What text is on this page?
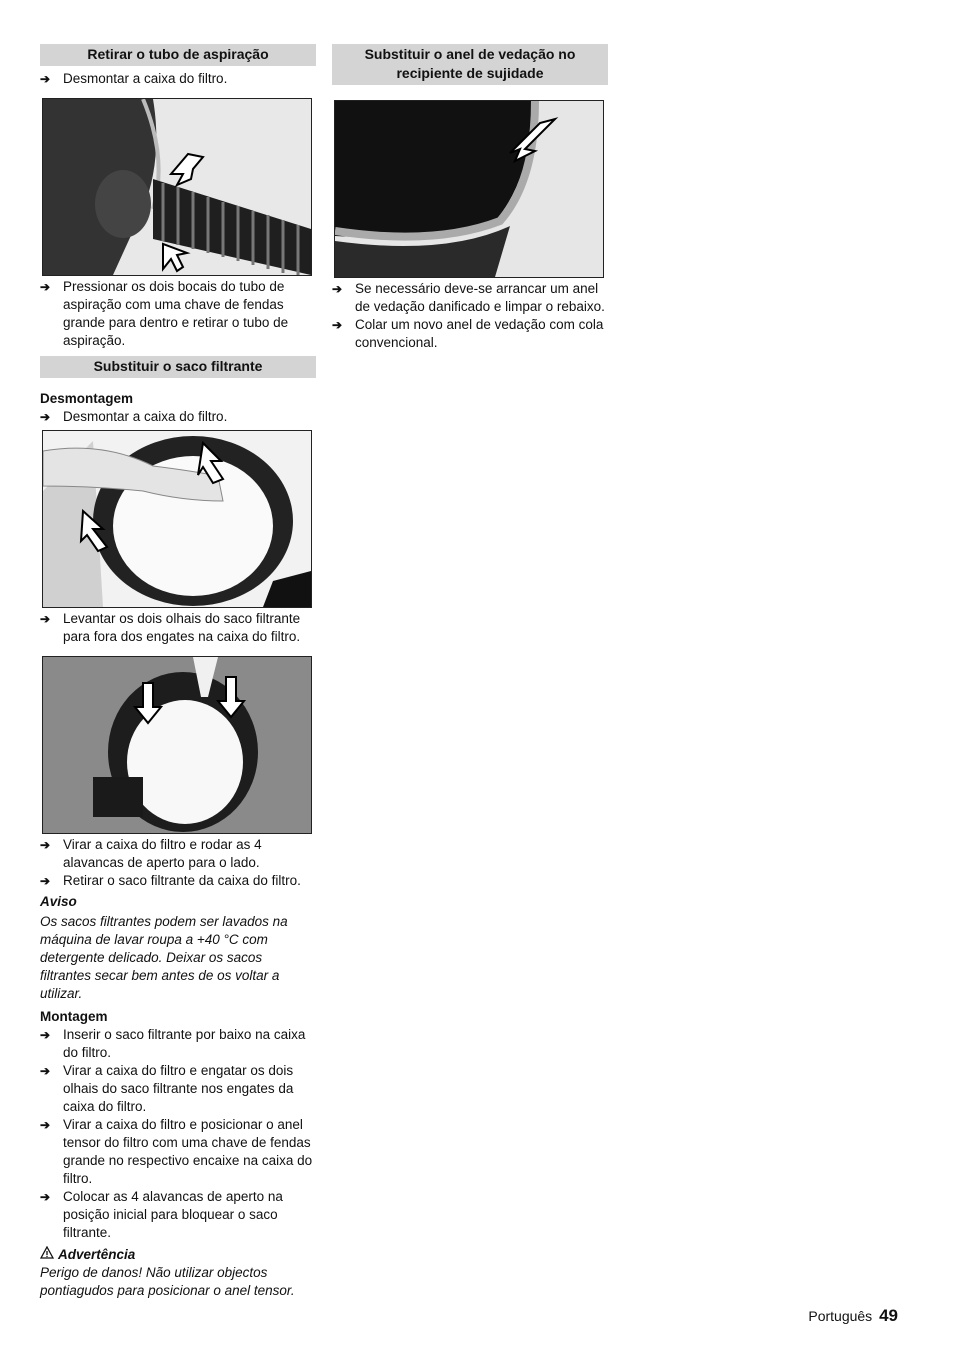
Retirar o tubo de aspiração
➔ Desmontar a caixa do filtro.
➔ Pressionar os dois bocais do tubo de aspiração com uma chave de fendas grande para dentro e retirar o tubo de aspiração.
Substituir o saco filtrante
Desmontagem
➔ Desmontar a caixa do filtro.
➔ Levantar os dois olhais do saco filtrante para fora dos engates na caixa do filtro.
➔ Virar a caixa do filtro e rodar as 4 alavancas de aperto para o lado.
➔ Retirar o saco filtrante da caixa do filtro.
Aviso
Os sacos filtrantes podem ser lavados na máquina de lavar roupa a +40 °C com detergente delicado. Deixar os sacos filtrantes secar bem antes de os voltar a utilizar.
Montagem
➔ Inserir o saco filtrante por baixo na caixa do filtro.
➔ Virar a caixa do filtro e engatar os dois olhais do saco filtrante nos engates da caixa do filtro.
➔ Virar a caixa do filtro e posicionar o anel tensor do filtro com uma chave de fendas grande no respectivo encaixe na caixa do filtro.
➔ Colocar as 4 alavancas de aperto na posição inicial para bloquear o saco filtrante.
Advertência
Perigo de danos! Não utilizar objectos pontiagudos para posicionar o anel tensor.
Substituir o anel de vedação no recipiente de sujidade
➔ Se necessário deve-se arrancar um anel de vedação danificado e limpar o rebaixo.
➔ Colar um novo anel de vedação com cola convencional.
Português 49
